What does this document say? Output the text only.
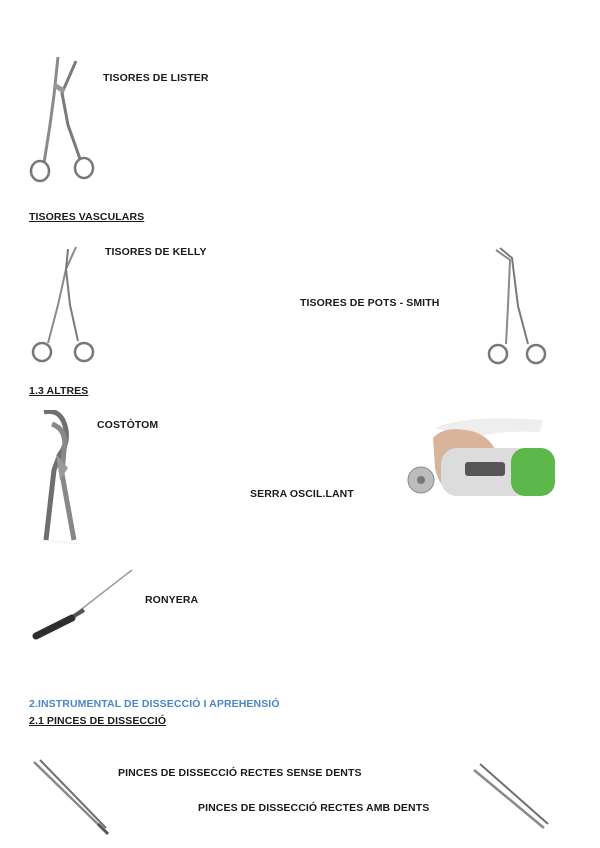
TISORES DE LISTER
TISORES VASCULARS
TISORES DE KELLY
TISORES DE POTS - SMITH
1.3 ALTRES
COSTÒTOM
SERRA OSCIL.LANT
RONYERA
2.INSTRUMENTAL DE DISSECCIÓ I APREHENSIÓ
2.1 PINCES DE DISSECCIÓ
PINCES DE DISSECCIÓ RECTES SENSE DENTS
PINCES DE DISSECCIÓ RECTES AMB DENTS
